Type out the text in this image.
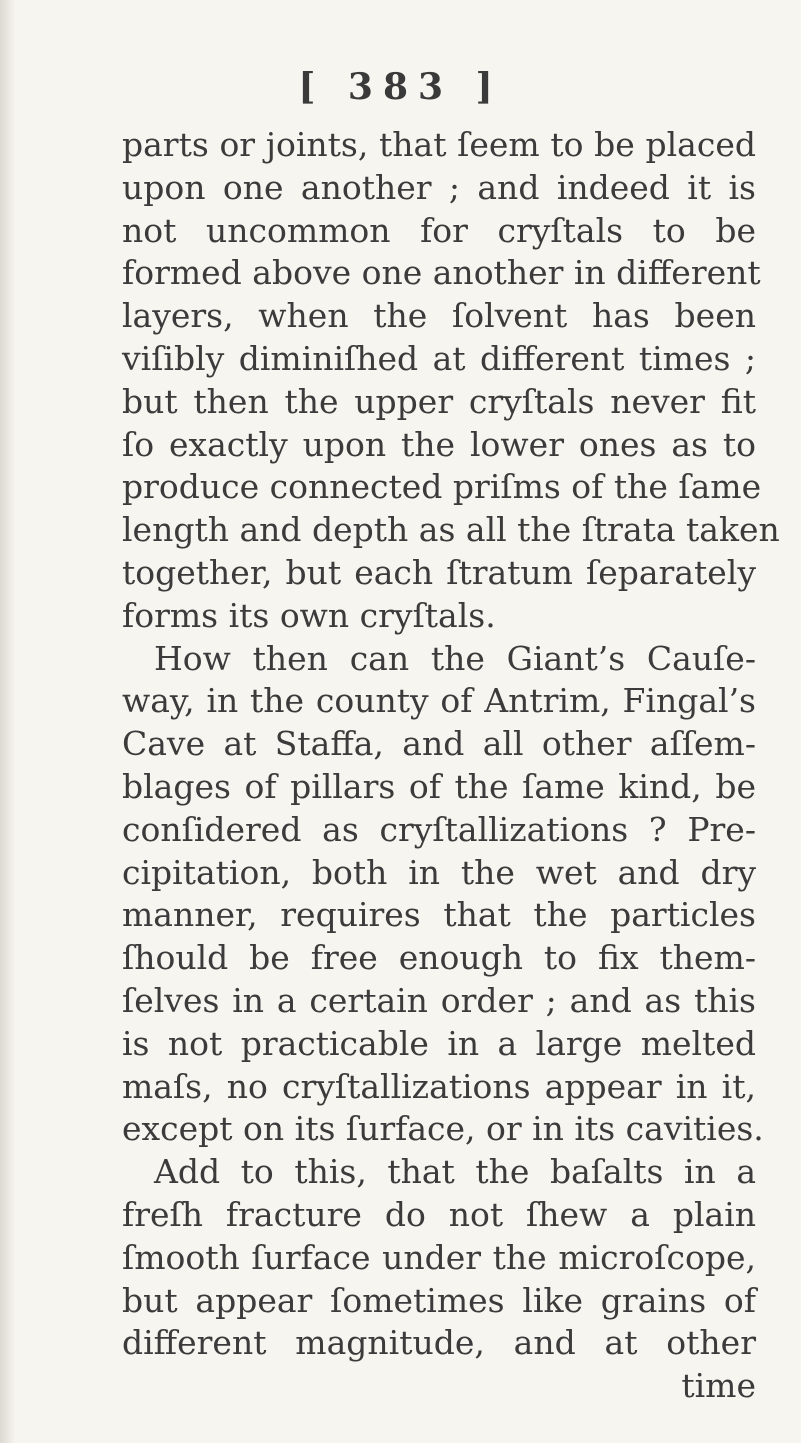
[ 383 ]
parts or joints, that ſeem to be placed
upon one another ; and indeed it is
not uncommon for cryſtals to be
formed above one another in different
layers, when the ſolvent has been
viſibly diminiſhed at different times ;
but then the upper cryſtals never fit
ſo exactly upon the lower ones as to
produce connected priſms of the ſame
length and depth as all the ſtrata taken
together, but each ſtratum ſeparately
forms its own cryſtals.
How then can the Giant’s Cauſe-
way, in the county of Antrim, Fingal’s
Cave at Staffa, and all other aſſem-
blages of pillars of the ſame kind, be
conſidered as cryſtallizations ? Pre-
cipitation, both in the wet and dry
manner, requires that the particles
ſhould be free enough to fix them-
ſelves in a certain order ; and as this
is not practicable in a large melted
maſs, no cryſtallizations appear in it,
except on its ſurface, or in its cavities.
Add to this, that the baſalts in a
freſh fracture do not ſhew a plain
ſmooth ſurface under the microſcope,
but appear ſometimes like grains of
different magnitude, and at other
time
